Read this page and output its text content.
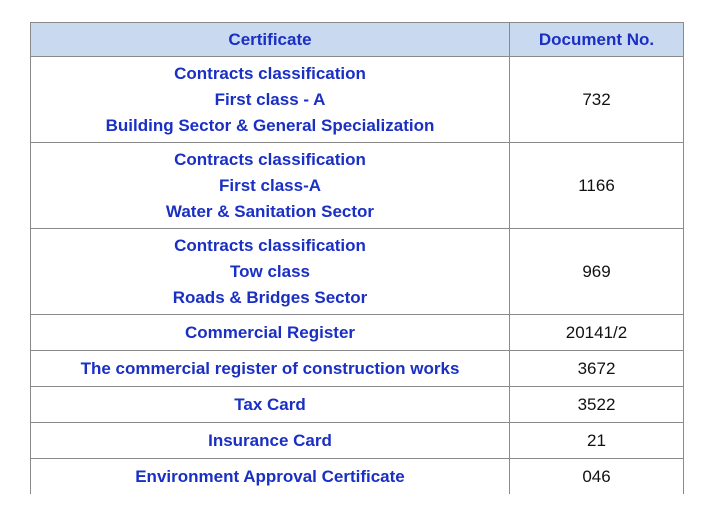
Certificate	Document No.

Contracts classification
First class - A
Building Sector & General Specialization	732

Contracts classification
First class-A
Water & Sanitation Sector	1166

Contracts classification
Tow class
Roads & Bridges Sector	969

Commercial Register	20141/2

The commercial register of construction works	3672

Tax Card	3522

Insurance Card	21

Environment Approval Certificate	046
